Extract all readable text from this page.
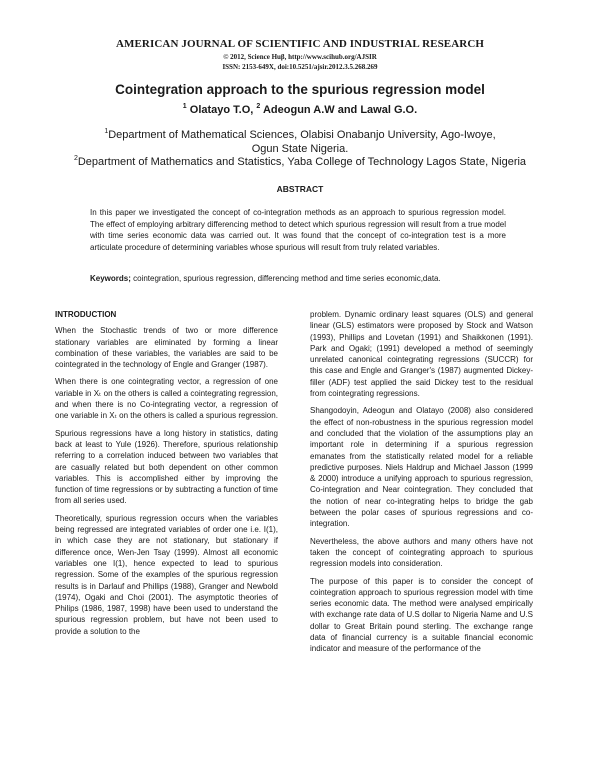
AMERICAN JOURNAL OF SCIENTIFIC AND INDUSTRIAL RESEARCH
© 2012, Science Huβ, http://www.scihub.org/AJSIR
ISSN: 2153-649X, doi:10.5251/ajsir.2012.3.5.268.269
Cointegration approach to the spurious regression model
$^1$ Olatayo T.O, $^2$ Adeogun A.W and Lawal G.O.
$^1$Department of Mathematical Sciences, Olabisi Onabanjo University, Ago-Iwoye,
Ogun State Nigeria.
$^2$Department of Mathematics and Statistics, Yaba College of Technology Lagos State, Nigeria
ABSTRACT

In this paper we investigated the concept of co-integration methods as an approach to spurious regression model. The effect of employing arbitrary differencing method to detect which spurious regression will result from a true model with time series economic data was carried out. It was found that the concept of co-integration test is a more articulate procedure of determining variables whose spurious will result from truly related variables.

Keywords; cointegration, spurious regression, differencing method and time series economic,data.

INTRODUCTION

When the Stochastic trends of two or more difference stationary variables are eliminated by forming a linear combination of these variables, the variables are said to be cointegrated in the technology of Engle and Granger (1987).

When there is one cointegrating vector, a regression of one variable in Xₜ on the others is called a cointegrating regression, and when there is no Co-integrating vector, a regression of one variable in Xₜ on the others is called a spurious regression.

Spurious regressions have a long history in statistics, dating back at least to Yule (1926). Therefore, spurious relationship referring to a correlation induced between two variables that are casually related but both dependent on other common variables. This is accomplished either by improving the function of time regressions or by subtracting a function of time from all series used.

Theoretically, spurious regression occurs when the variables being regressed are integrated variables of order one i.e. I(1), in which case they are not stationary, but stationary if difference once, Wen-Jen Tsay (1999). Almost all economic variables one I(1), hence expected to lead to spurious regression. Some of the examples of the spurious regression results is in Darlauf and Phillips (1988), Granger and Newbold (1974), Ogaki and Choi (2001). The asymptotic theories of Philips (1986, 1987, 1998) have been used to understand the spurious regression problem, but have not been used to provide a solution to the

problem. Dynamic ordinary least squares (OLS) and general linear (GLS) estimators were proposed by Stock and Watson (1993), Phillips and Lovetan (1991) and Shaikkonen (1991). Park and Ogaki; (1991) developed a method of seemingly unrelated canonical cointegrating regressions (SUCCR) for this case and Engle and Granger's (1987) augmented Dickey-filler (ADF) test applied the said Dickey test to the residual from cointegrating regressions.

Shangodoyin, Adeogun and Olatayo (2008) also considered the effect of non-robustness in the spurious regression model and concluded that the violation of the assumptions play an important role in determining if a spurious regression emanates from the statistically related model for a reliable predictive purposes. Niels Haldrup and Michael Jasson (1999 & 2000) introduce a unifying approach to spurious regression, Co-integration and Near cointegration. They concluded that the notion of near co-integrating helps to bridge the gab between the polar cases of spurious regressions and co-integration.

Nevertheless, the above authors and many others have not taken the concept of cointegrating approach to spurious regression models into consideration.

The purpose of this paper is to consider the concept of cointegration approach to spurious regression model with time series economic data. The method were analysed empirically with exchange rate data of U.S dollar to Nigeria Name and U.S dollar to Great Britain pound sterling. The exchange range data of financial currency is a suitable financial economic indicator and measure of the performance of the
